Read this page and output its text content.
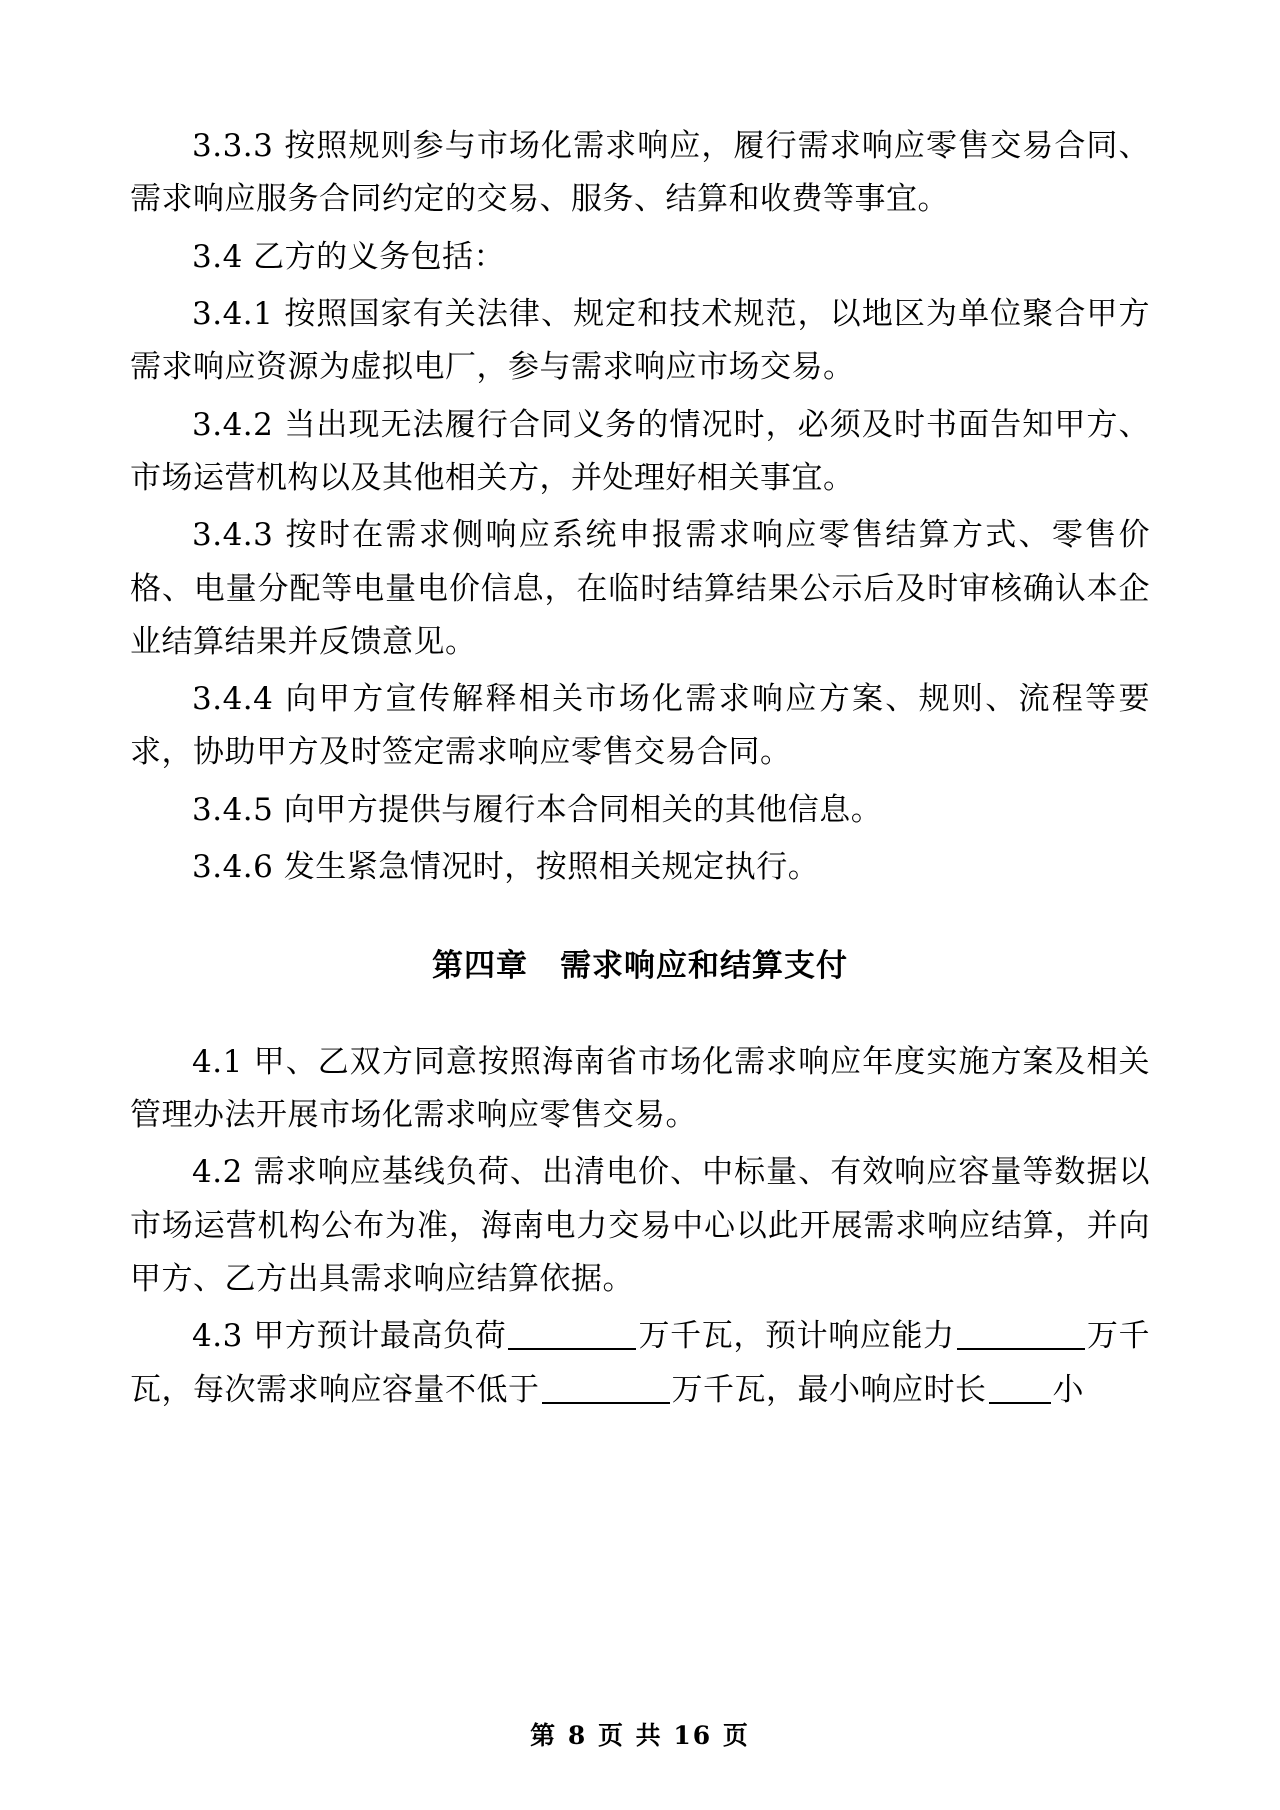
3.3.3 按照规则参与市场化需求响应，履行需求响应零售交易合同、需求响应服务合同约定的交易、服务、结算和收费等事宜。

3.4 乙方的义务包括：

3.4.1 按照国家有关法律、规定和技术规范，以地区为单位聚合甲方需求响应资源为虚拟电厂，参与需求响应市场交易。

3.4.2 当出现无法履行合同义务的情况时，必须及时书面告知甲方、市场运营机构以及其他相关方，并处理好相关事宜。

3.4.3 按时在需求侧响应系统申报需求响应零售结算方式、零售价格、电量分配等电量电价信息，在临时结算结果公示后及时审核确认本企业结算结果并反馈意见。

3.4.4 向甲方宣传解释相关市场化需求响应方案、规则、流程等要求，协助甲方及时签定需求响应零售交易合同。

3.4.5 向甲方提供与履行本合同相关的其他信息。

3.4.6 发生紧急情况时，按照相关规定执行。

第四章　需求响应和结算支付

4.1 甲、乙双方同意按照海南省市场化需求响应年度实施方案及相关管理办法开展市场化需求响应零售交易。

4.2 需求响应基线负荷、出清电价、中标量、有效响应容量等数据以市场运营机构公布为准，海南电力交易中心以此开展需求响应结算，并向甲方、乙方出具需求响应结算依据。

4.3 甲方预计最高负荷	万千瓦，预计响应能力	万千瓦，每次需求响应容量不低于	万千瓦，最小响应时长 小

第 8 页 共 16 页
